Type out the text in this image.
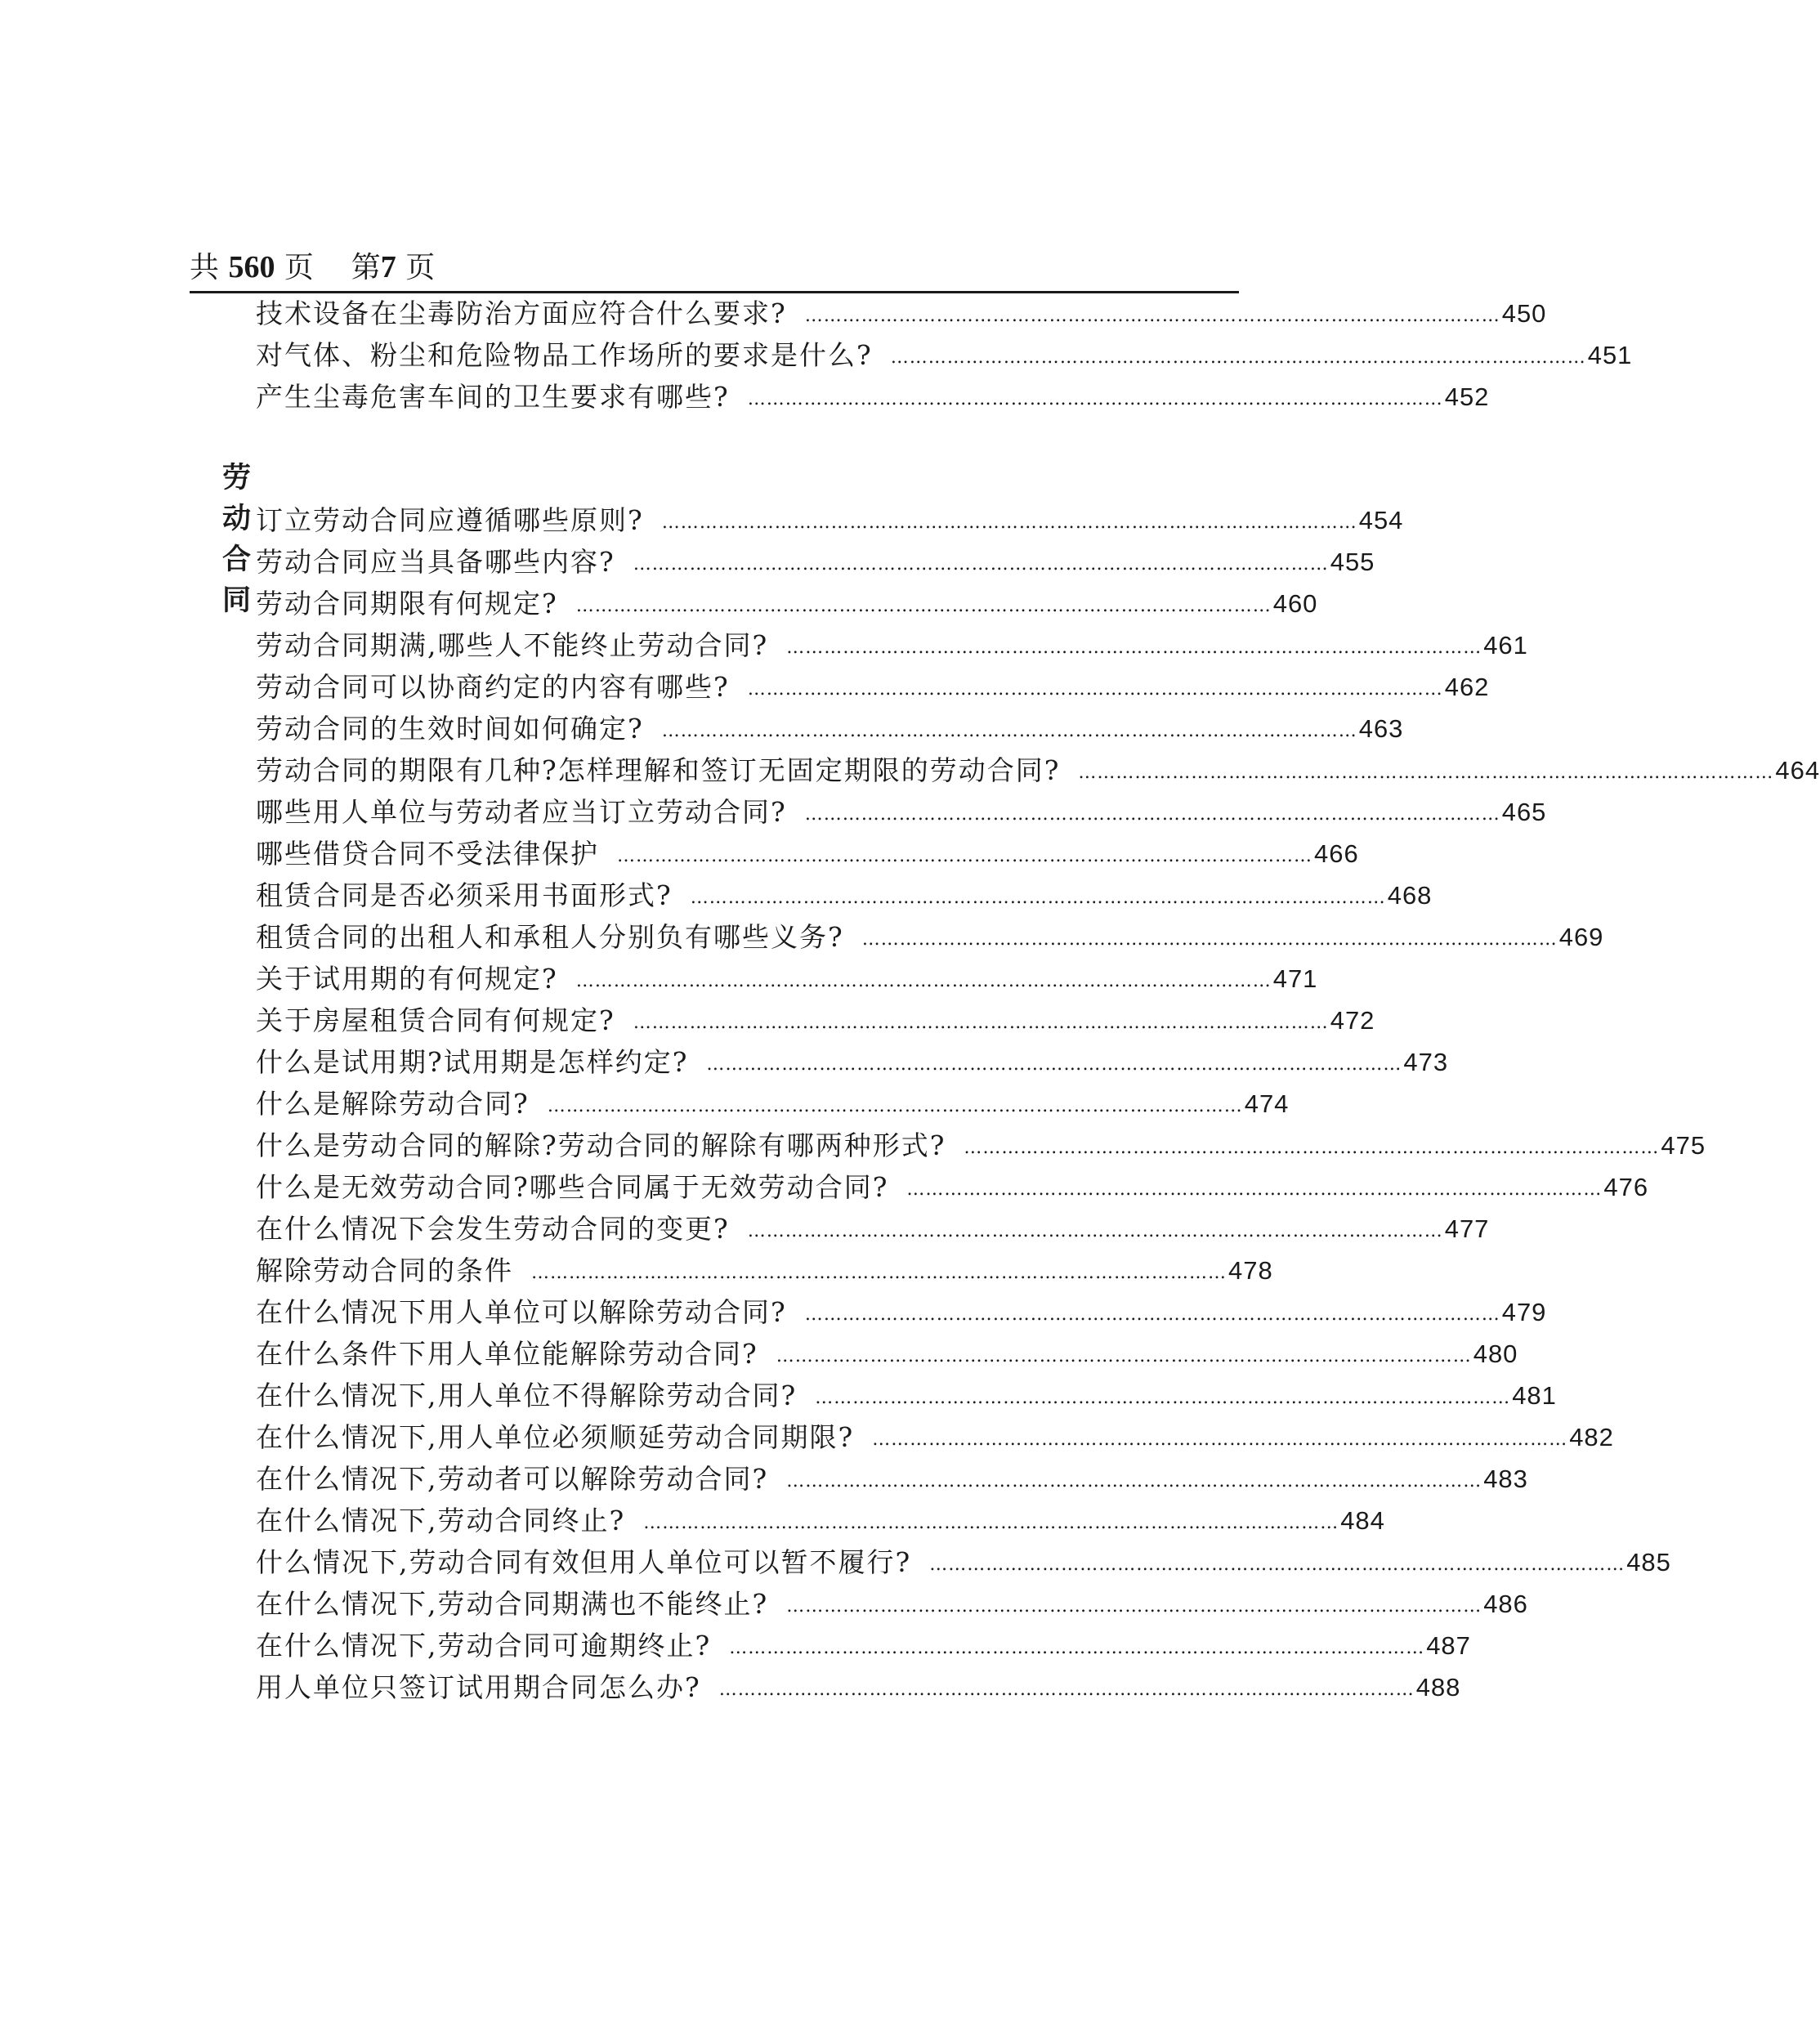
共 560 页 第7 页
技术设备在尘毒防治方面应符合什么要求? ………………………………………………………………………………………………… 450
对气体、粉尘和危险物品工作场所的要求是什么? ………………………………………………………………………………………………… 451
产生尘毒危害车间的卫生要求有哪些? ………………………………………………………………………………………………… 452
劳动合同
订立劳动合同应遵循哪些原则? ………………………………………………………………………………………………… 454
劳动合同应当具备哪些内容? ………………………………………………………………………………………………… 455
劳动合同期限有何规定? ………………………………………………………………………………………………… 460
劳动合同期满,哪些人不能终止劳动合同? ………………………………………………………………………………………………… 461
劳动合同可以协商约定的内容有哪些? ………………………………………………………………………………………………… 462
劳动合同的生效时间如何确定? ………………………………………………………………………………………………… 463
劳动合同的期限有几种?怎样理解和签订无固定期限的劳动合同? ………………………………………………………………………………………………… 464
哪些用人单位与劳动者应当订立劳动合同? ………………………………………………………………………………………………… 465
哪些借贷合同不受法律保护 ………………………………………………………………………………………………… 466
租赁合同是否必须采用书面形式? ………………………………………………………………………………………………… 468
租赁合同的出租人和承租人分别负有哪些义务? ………………………………………………………………………………………………… 469
关于试用期的有何规定? ………………………………………………………………………………………………… 471
关于房屋租赁合同有何规定? ………………………………………………………………………………………………… 472
什么是试用期?试用期是怎样约定? ………………………………………………………………………………………………… 473
什么是解除劳动合同? ………………………………………………………………………………………………… 474
什么是劳动合同的解除?劳动合同的解除有哪两种形式? ………………………………………………………………………………………………… 475
什么是无效劳动合同?哪些合同属于无效劳动合同? ………………………………………………………………………………………………… 476
在什么情况下会发生劳动合同的变更? ………………………………………………………………………………………………… 477
解除劳动合同的条件 ………………………………………………………………………………………………… 478
在什么情况下用人单位可以解除劳动合同? ………………………………………………………………………………………………… 479
在什么条件下用人单位能解除劳动合同? ………………………………………………………………………………………………… 480
在什么情况下,用人单位不得解除劳动合同? ………………………………………………………………………………………………… 481
在什么情况下,用人单位必须顺延劳动合同期限? ………………………………………………………………………………………………… 482
在什么情况下,劳动者可以解除劳动合同? ………………………………………………………………………………………………… 483
在什么情况下,劳动合同终止? ………………………………………………………………………………………………… 484
什么情况下,劳动合同有效但用人单位可以暂不履行? ………………………………………………………………………………………………… 485
在什么情况下,劳动合同期满也不能终止? ………………………………………………………………………………………………… 486
在什么情况下,劳动合同可逾期终止? ………………………………………………………………………………………………… 487
用人单位只签订试用期合同怎么办? ………………………………………………………………………………………………… 488
